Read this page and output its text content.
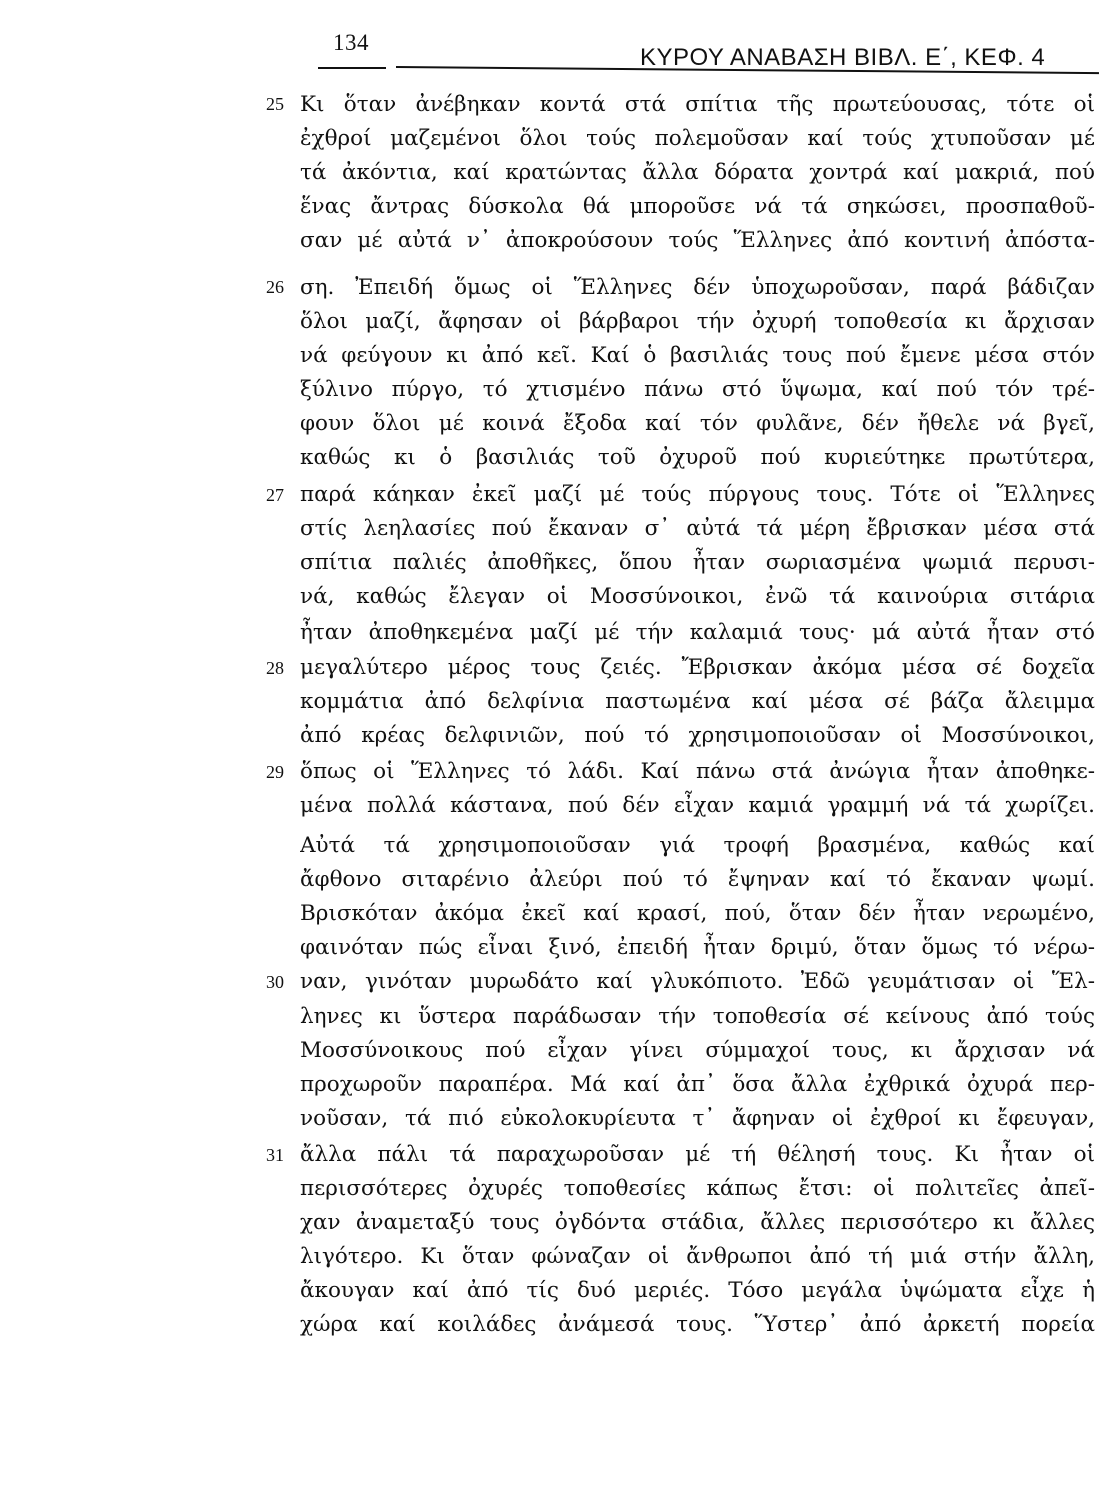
134
ΚΥΡΟΥ ΑΝΑΒΑΣΗ ΒΙΒΛ. Ε΄, ΚΕΦ. 4
25
26
27
28
29
30
31
Κι ὅταν ἀνέβηκαν κοντά στά σπίτια τῆς πρωτεύουσας, τότε οἱ
ἐχθροί μαζεμένοι ὅλοι τούς πολεμοῦσαν καί τούς χτυποῦσαν μέ
τά ἀκόντια, καί κρατώντας ἄλλα δόρατα χοντρά καί μακριά, πού
ἕνας ἄντρας δύσκολα θά μποροῦσε νά τά σηκώσει, προσπαθοῦ-
σαν μέ αὐτά ν᾽ ἀποκρούσουν τούς Ἕλληνες ἀπό κοντινή ἀπόστα-
ση. Ἐπειδή ὅμως οἱ Ἕλληνες δέν ὑποχωροῦσαν, παρά βάδιζαν
ὅλοι μαζί, ἄφησαν οἱ βάρβαροι τήν ὀχυρή τοποθεσία κι ἄρχισαν
νά φεύγουν κι ἀπό κεῖ. Καί ὁ βασιλιάς τους πού ἔμενε μέσα στόν
ξύλινο πύργο, τό χτισμένο πάνω στό ὕψωμα, καί πού τόν τρέ-
φουν ὅλοι μέ κοινά ἔξοδα καί τόν φυλᾶνε, δέν ἤθελε νά βγεῖ,
καθώς κι ὁ βασιλιάς τοῦ ὀχυροῦ πού κυριεύτηκε πρωτύτερα,
παρά κάηκαν ἐκεῖ μαζί μέ τούς πύργους τους. Τότε οἱ Ἕλληνες
στίς λεηλασίες πού ἔκαναν σ᾽ αὐτά τά μέρη ἔβρισκαν μέσα στά
σπίτια παλιές ἀποθῆκες, ὅπου ἦταν σωριασμένα ψωμιά περυσι-
νά, καθώς ἔλεγαν οἱ Μοσσύνοικοι, ἐνῶ τά καινούρια σιτάρια
ἦταν ἀποθηκεμένα μαζί μέ τήν καλαμιά τους· μά αὐτά ἦταν στό
μεγαλύτερο μέρος τους ζειές. Ἔβρισκαν ἀκόμα μέσα σέ δοχεῖα
κομμάτια ἀπό δελφίνια παστωμένα καί μέσα σέ βάζα ἄλειμμα
ἀπό κρέας δελφινιῶν, πού τό χρησιμοποιοῦσαν οἱ Μοσσύνοικοι,
ὅπως οἱ Ἕλληνες τό λάδι. Καί πάνω στά ἀνώγια ἦταν ἀποθηκε-
μένα πολλά κάστανα, πού δέν εἶχαν καμιά γραμμή νά τά χωρίζει.
Αὐτά τά χρησιμοποιοῦσαν γιά τροφή βρασμένα, καθώς καί
ἄφθονο σιταρένιο ἀλεύρι πού τό ἔψηναν καί τό ἔκαναν ψωμί.
Βρισκόταν ἀκόμα ἐκεῖ καί κρασί, πού, ὅταν δέν ἦταν νερωμένο,
φαινόταν πώς εἶναι ξινό, ἐπειδή ἦταν δριμύ, ὅταν ὅμως τό νέρω-
ναν, γινόταν μυρωδάτο καί γλυκόπιοτο. Ἐδῶ γευμάτισαν οἱ Ἕλ-
ληνες κι ὕστερα παράδωσαν τήν τοποθεσία σέ κείνους ἀπό τούς
Μοσσύνοικους πού εἶχαν γίνει σύμμαχοί τους, κι ἄρχισαν νά
προχωροῦν παραπέρα. Μά καί ἀπ᾽ ὅσα ἄλλα ἐχθρικά ὀχυρά περ-
νοῦσαν, τά πιό εὐκολοκυρίευτα τ᾽ ἄφηναν οἱ ἐχθροί κι ἔφευγαν,
ἄλλα πάλι τά παραχωροῦσαν μέ τή θέλησή τους. Κι ἦταν οἱ
περισσότερες ὀχυρές τοποθεσίες κάπως ἔτσι: οἱ πολιτεῖες ἀπεῖ-
χαν ἀναμεταξύ τους ὀγδόντα στάδια, ἄλλες περισσότερο κι ἄλλες
λιγότερο. Κι ὅταν φώναζαν οἱ ἄνθρωποι ἀπό τή μιά στήν ἄλλη,
ἄκουγαν καί ἀπό τίς δυό μεριές. Τόσο μεγάλα ὑψώματα εἶχε ἡ
χώρα καί κοιλάδες ἀνάμεσά τους. Ὕστερ᾽ ἀπό ἀρκετή πορεία
